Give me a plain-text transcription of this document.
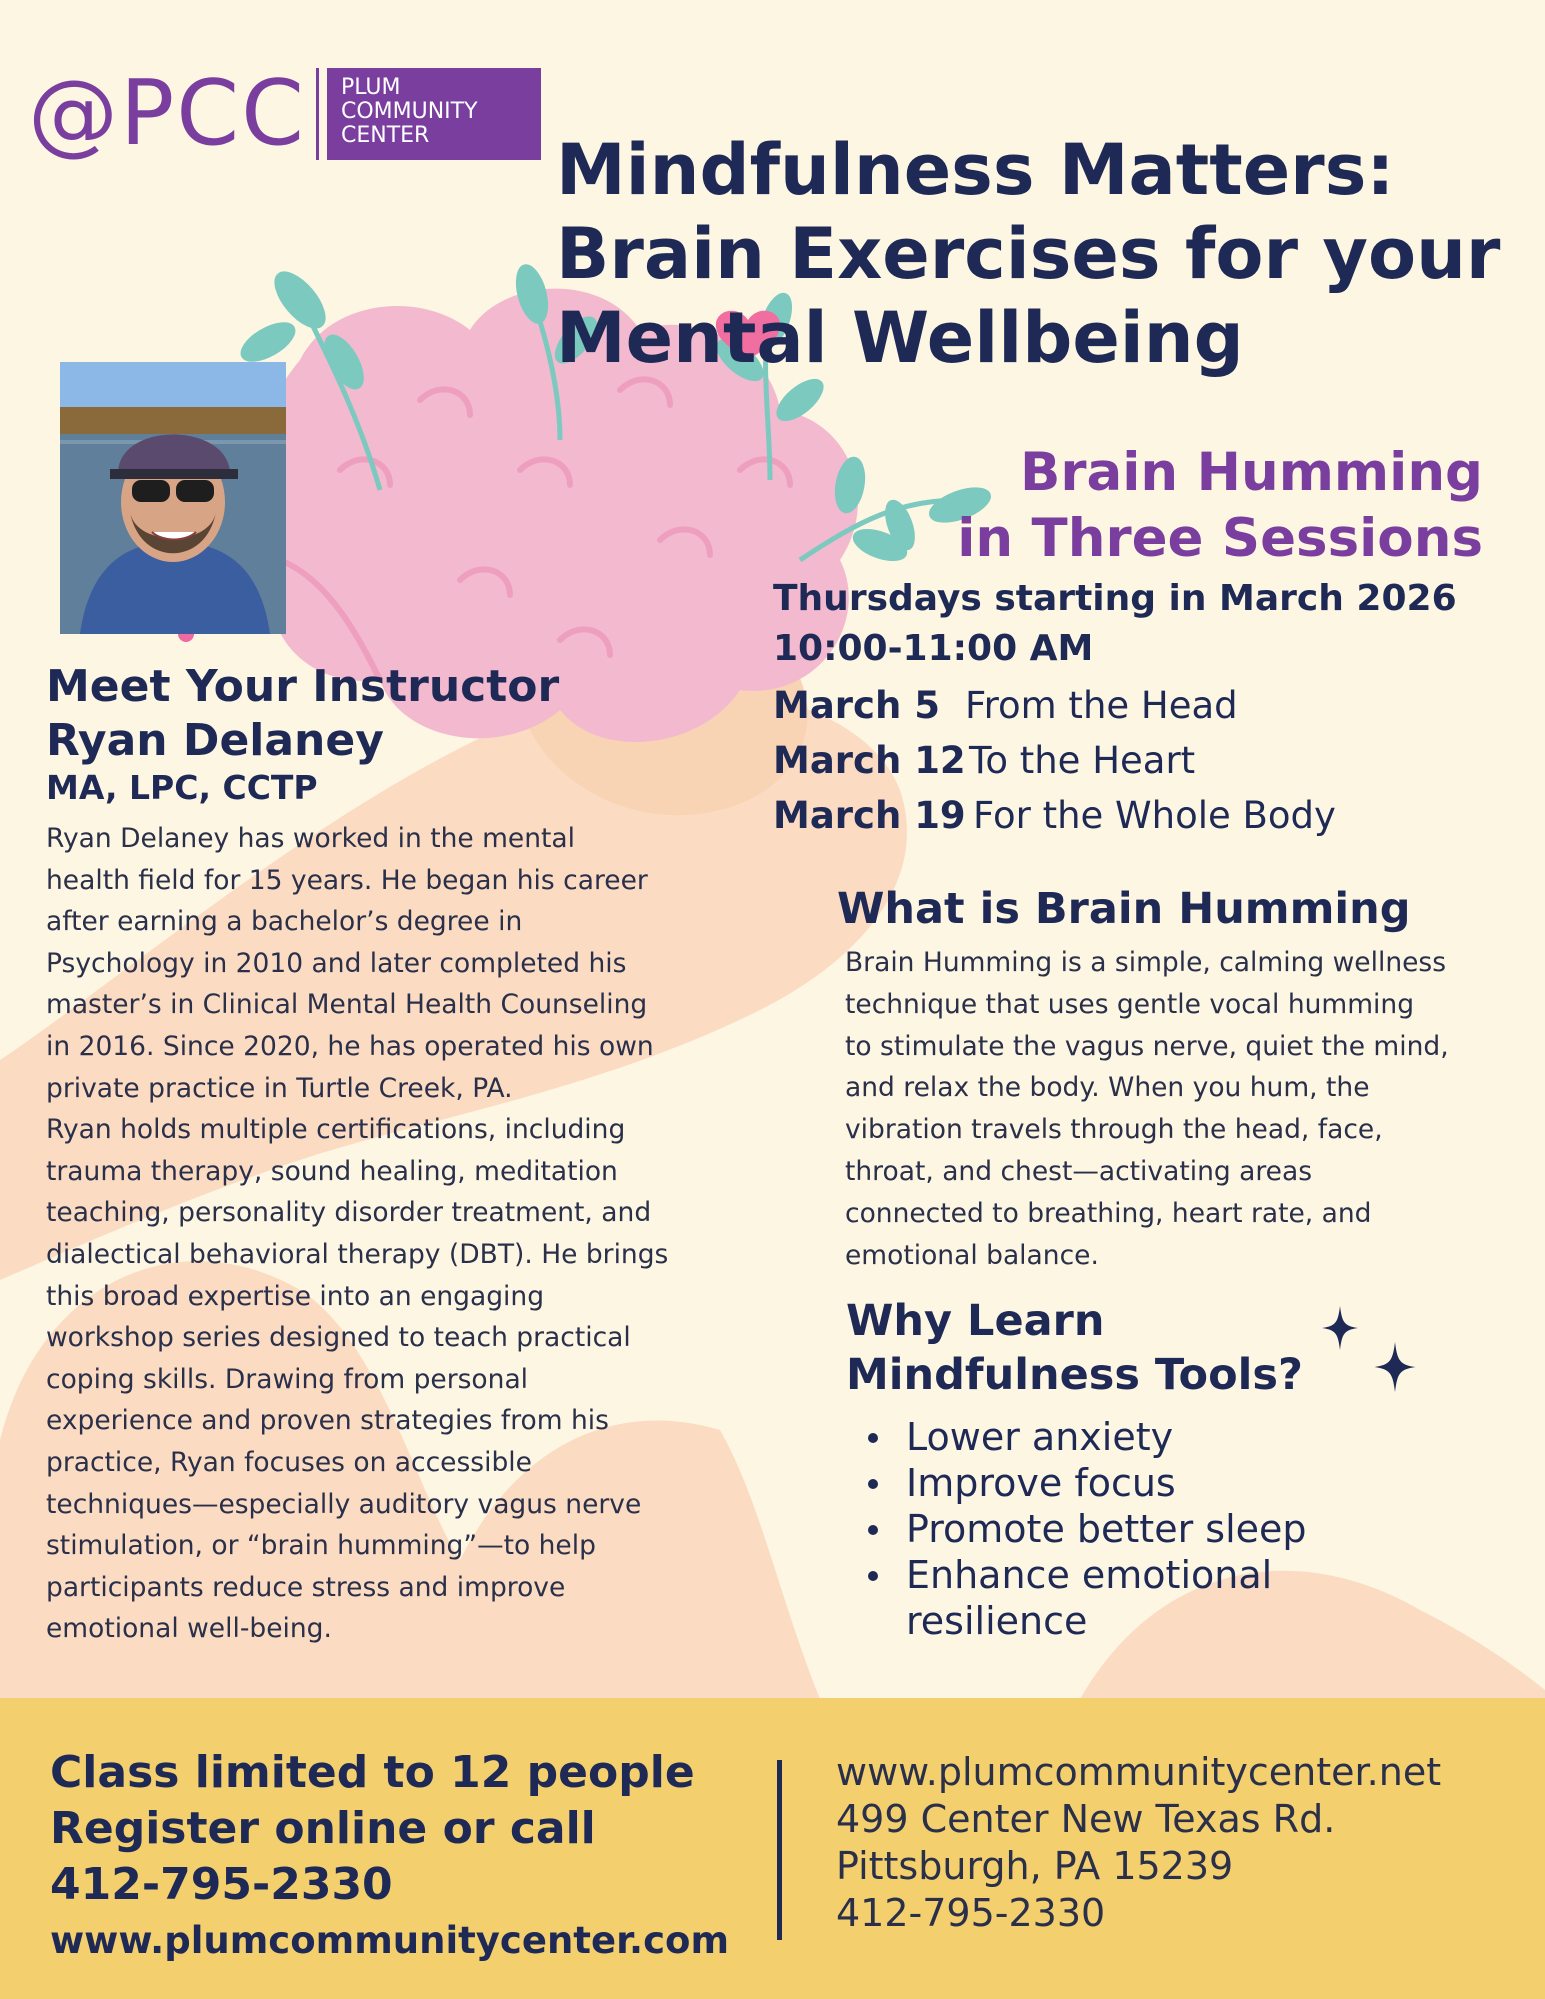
@PCC PLUM
COMMUNITY
CENTER	Mindfulness Matters:
Brain Exercises for your
Mental Wellbeing
Brain Humming
in Three Sessions
Thursdays starting in March 2026
10:00-11:00 AM
March 5 From the Head
March 12To the Heart
March 19 For the Whole Body
Meet Your Instructor
Ryan Delaney
MA, LPC, CCTP
Ryan Delaney has worked in the mental
health field for 15 years. He began his career
after earning a bachelor’s degree in
Psychology in 2010 and later completed his
master’s in Clinical Mental Health Counseling
in 2016. Since 2020, he has operated his own
private practice in Turtle Creek, PA.
Ryan holds multiple certifications, including
trauma therapy, sound healing, meditation
teaching, personality disorder treatment, and
dialectical behavioral therapy (DBT). He brings
this broad expertise into an engaging
workshop series designed to teach practical
coping skills. Drawing from personal
experience and proven strategies from his
practice, Ryan focuses on accessible
techniques—especially auditory vagus nerve
stimulation, or “brain humming”—to help
participants reduce stress and improve
emotional well-being.
What is Brain Humming
Brain Humming is a simple, calming wellness
technique that uses gentle vocal humming
to stimulate the vagus nerve, quiet the mind,
and relax the body. When you hum, the
vibration travels through the head, face,
throat, and chest—activating areas
connected to breathing, heart rate, and
emotional balance.
Why Learn
Mindfulness Tools?
Lower anxiety
Improve focus
Promote better sleep
Enhance emotional
resilience
Class limited to 12 people
Register online or call
412-795-2330
www.plumcommunitycenter.com
www.plumcommunitycenter.net
499 Center New Texas Rd.
Pittsburgh, PA 15239
412-795-2330
